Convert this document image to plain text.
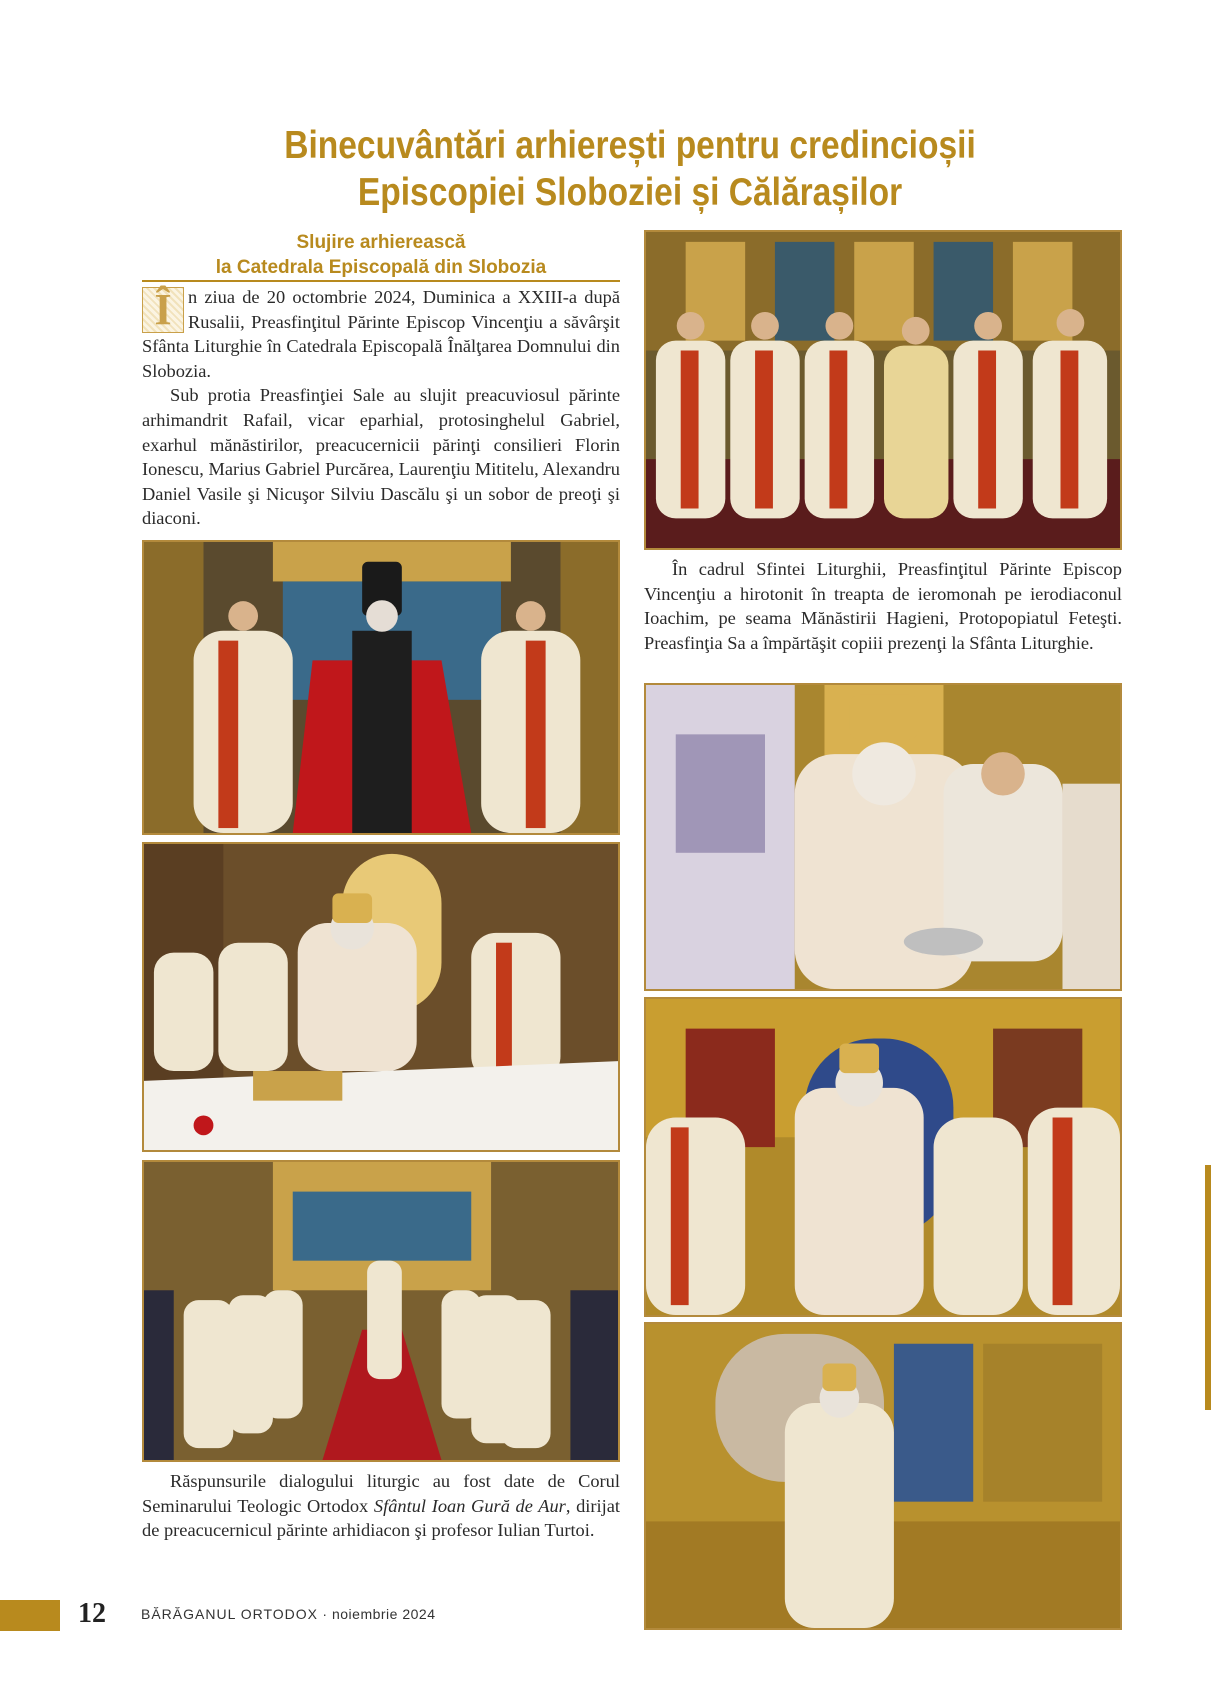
Binecuvântări arhierești pentru credincioșii
Episcopiei Sloboziei și Călărașilor
Slujire arhierească
la Catedrala Episcopală din Slobozia

Î n ziua de 20 octombrie 2024, Duminica a XXIII-a după Rusalii, Preasfinţitul Părinte Episcop Vincenţiu a săvârşit Sfânta Liturghie în Catedrala Episcopală Înălţarea Domnului din Slobozia.

Sub protia Preasfinţiei Sale au slujit preacuviosul părinte arhimandrit Rafail, vicar eparhial, protosinghelul Gabriel, exarhul mănăstirilor, preacucernicii părinţi consilieri Florin Ionescu, Marius Gabriel Purcărea, Laurenţiu Mititelu, Alexandru Daniel Vasile şi Nicuşor Silviu Dascălu şi un sobor de preoţi şi diaconi.

În cadrul Sfintei Liturghii, Preasfinţitul Părinte Episcop Vincenţiu a hirotonit în treapta de ieromonah pe ierodiaconul Ioachim, pe seama Mănăstirii Hagieni, Protopopiatul Feteşti. Preasfinţia Sa a împărtăşit copiii prezenţi la Sfânta Liturghie.

Răspunsurile dialogului liturgic au fost date de Corul Seminarului Teologic Ortodox Sfântul Ioan Gură de Aur, dirijat de preacucernicul părinte arhidiacon şi profesor Iulian Turtoi.

12	BĂRĂGANUL ORTODOX · noiembrie 2024
